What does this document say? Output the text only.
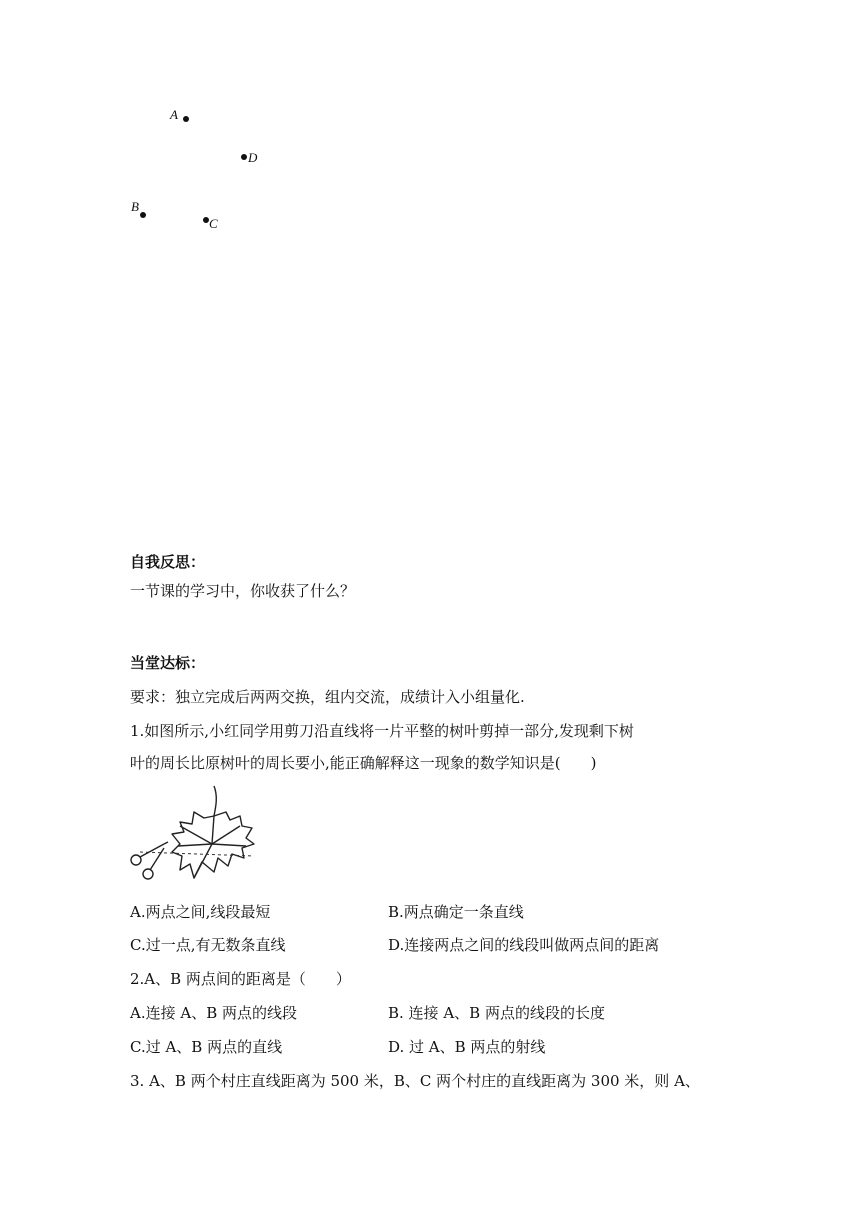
A
D
B
C
自我反思：
一节课的学习中，你收获了什么？
当堂达标：
要求：独立完成后两两交换，组内交流，成绩计入小组量化.
1.如图所示,小红同学用剪刀沿直线将一片平整的树叶剪掉一部分,发现剩下树
叶的周长比原树叶的周长要小,能正确解释这一现象的数学知识是(　　)
A.两点之间,线段最短	B.两点确定一条直线
C.过一点,有无数条直线	D.连接两点之间的线段叫做两点间的距离
2.A、B 两点间的距离是（　　）
A.连接 A、B 两点的线段	B. 连接 A、B 两点的线段的长度
C.过 A、B 两点的直线	D. 过 A、B 两点的射线
3. A、B 两个村庄直线距离为 500 米，B、C 两个村庄的直线距离为 300 米，则 A、
